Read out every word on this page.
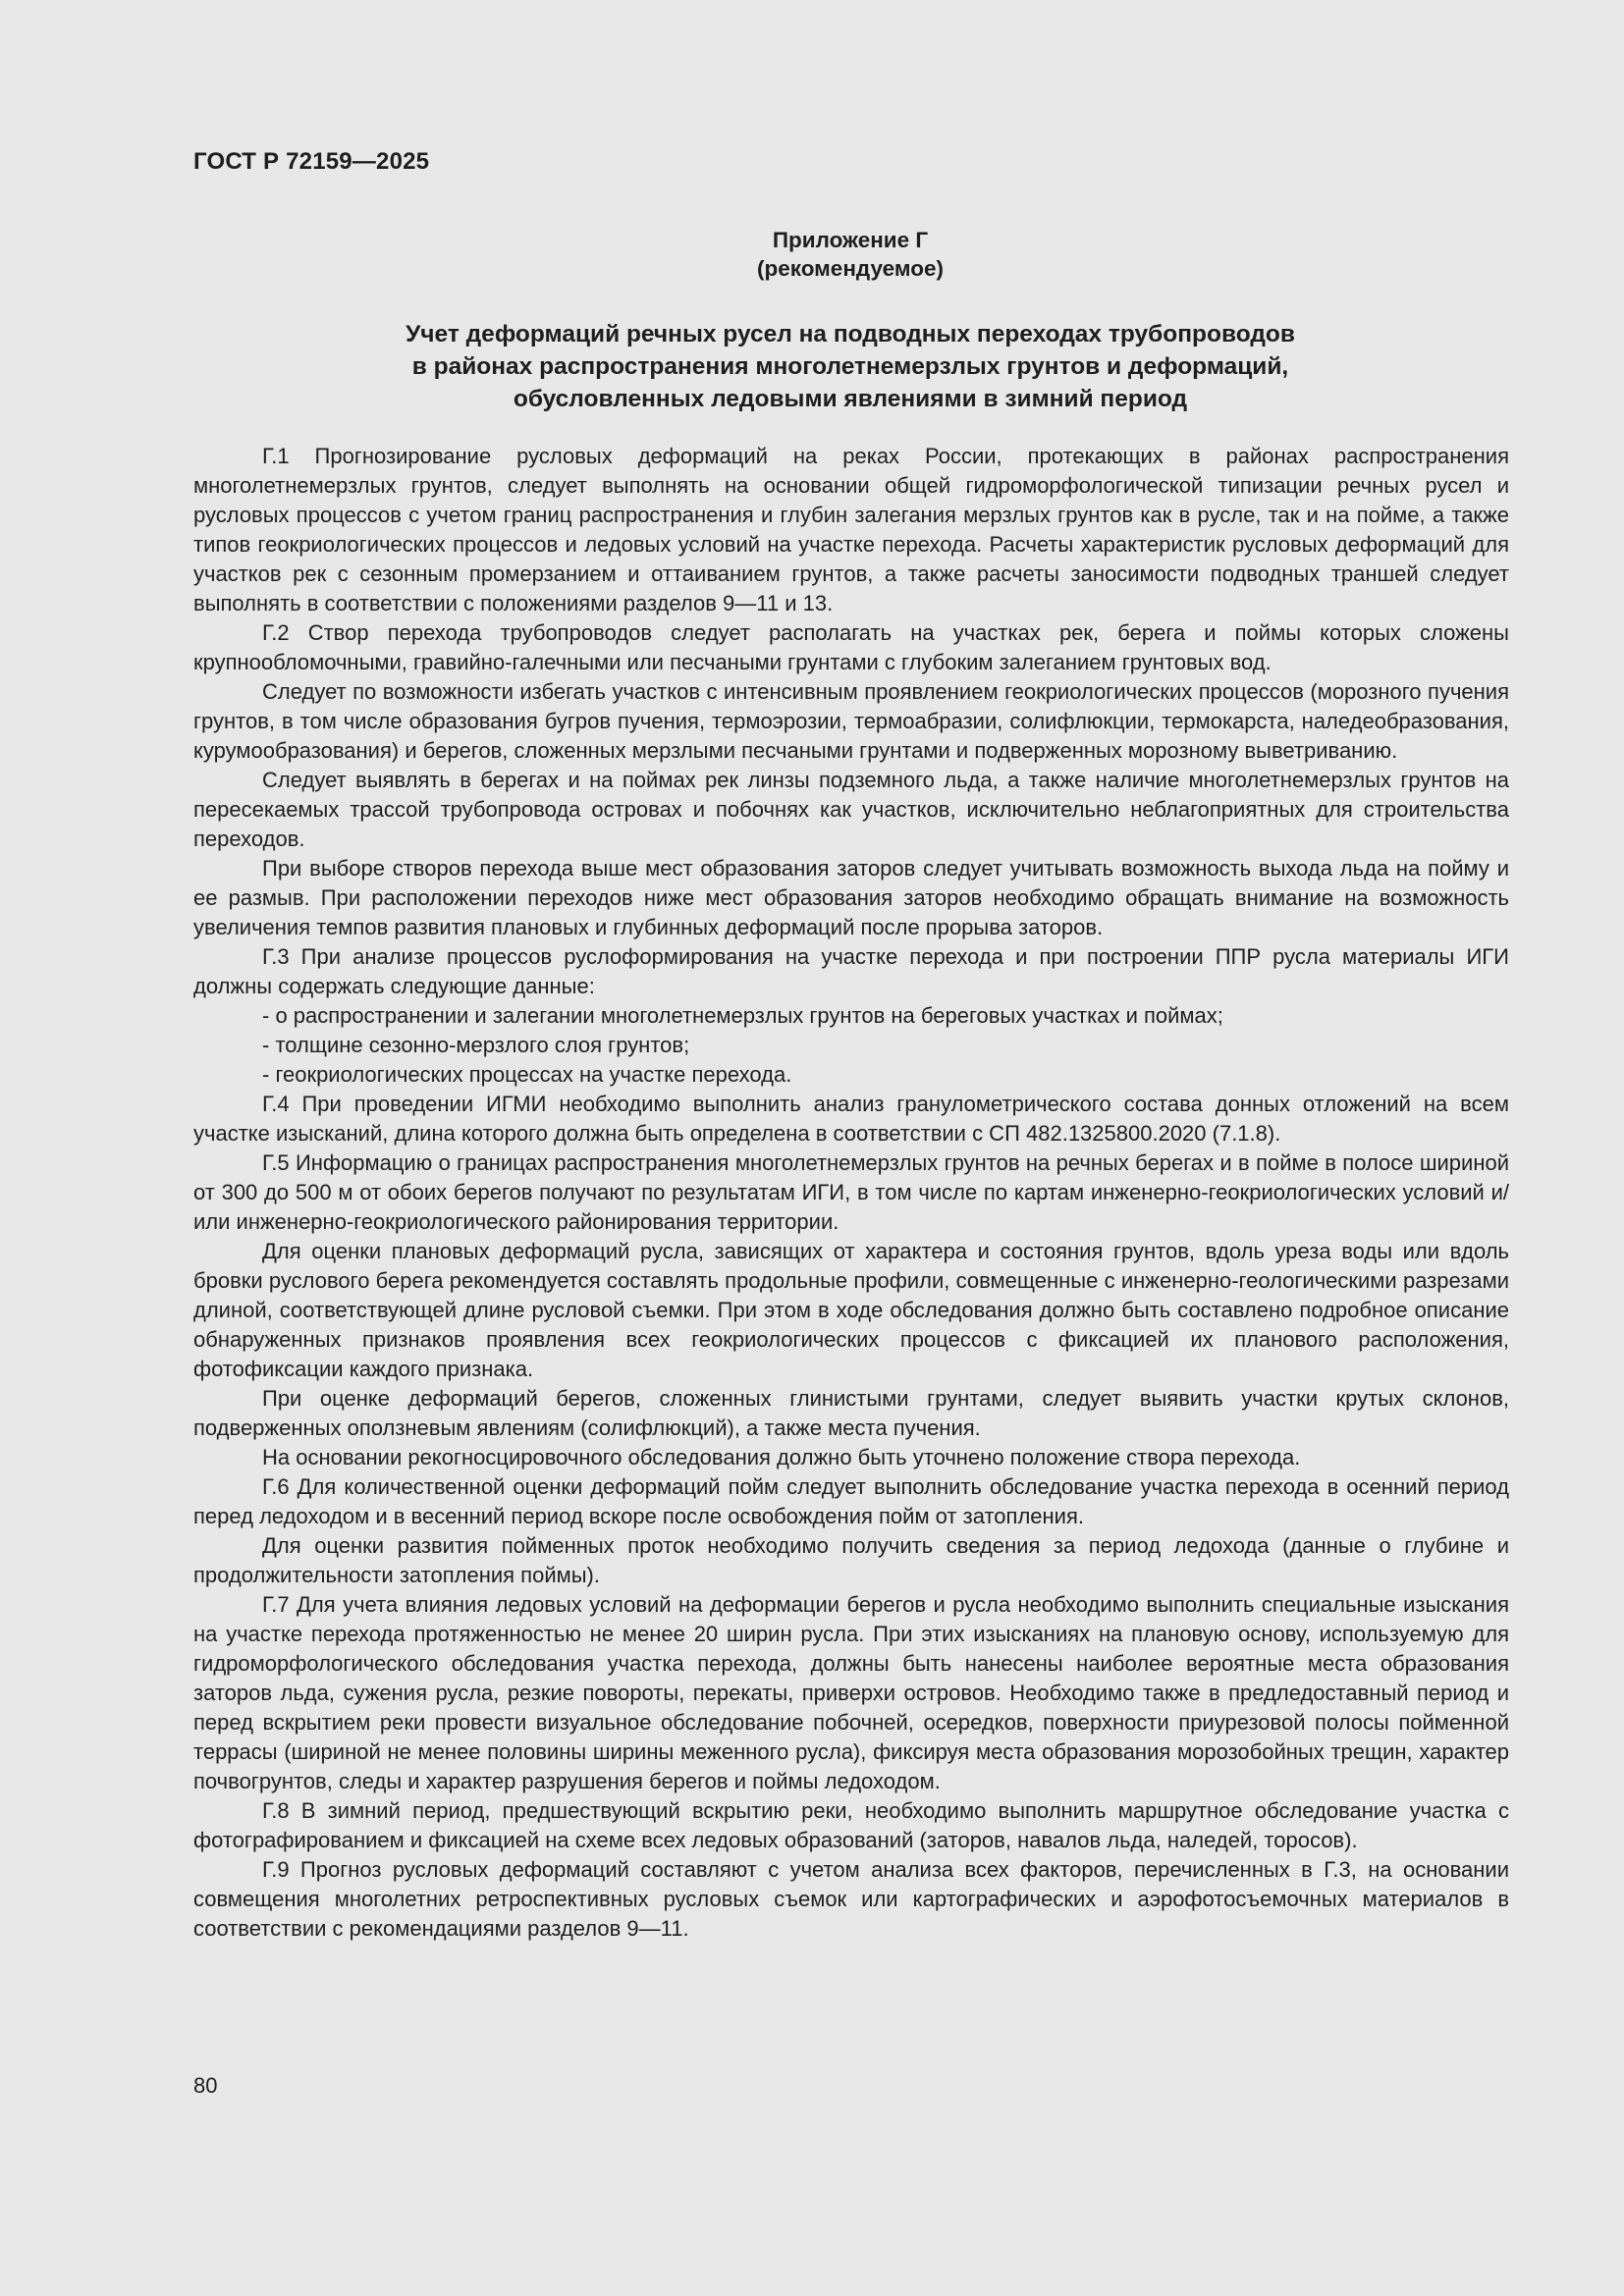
ГОСТ Р 72159—2025
Приложение Г
(рекомендуемое)
Учет деформаций речных русел на подводных переходах трубопроводов
в районах распространения многолетнемерзлых грунтов и деформаций,
обусловленных ледовыми явлениями в зимний период

Г.1 Прогнозирование русловых деформаций на реках России, протекающих в районах распространения многолетнемерзлых грунтов, следует выполнять на основании общей гидроморфологической типизации речных русел и русловых процессов с учетом границ распространения и глубин залегания мерзлых грунтов как в русле, так и на пойме, а также типов геокриологических процессов и ледовых условий на участке перехода. Расчеты характеристик русловых деформаций для участков рек с сезонным промерзанием и оттаиванием грунтов, а также расчеты заносимости подводных траншей следует выполнять в соответствии с положениями разделов 9—11 и 13.

Г.2 Створ перехода трубопроводов следует располагать на участках рек, берега и поймы которых сложены крупнообломочными, гравийно-галечными или песчаными грунтами с глубоким залеганием грунтовых вод.

Следует по возможности избегать участков с интенсивным проявлением геокриологических процессов (морозного пучения грунтов, в том числе образования бугров пучения, термоэрозии, термоабразии, солифлюкции, термокарста, наледеобразования, курумообразования) и берегов, сложенных мерзлыми песчаными грунтами и подверженных морозному выветриванию.

Следует выявлять в берегах и на поймах рек линзы подземного льда, а также наличие многолетнемерзлых грунтов на пересекаемых трассой трубопровода островах и побочнях как участков, исключительно неблагоприятных для строительства переходов.

При выборе створов перехода выше мест образования заторов следует учитывать возможность выхода льда на пойму и ее размыв. При расположении переходов ниже мест образования заторов необходимо обращать внимание на возможность увеличения темпов развития плановых и глубинных деформаций после прорыва заторов.

Г.3 При анализе процессов руслоформирования на участке перехода и при построении ППР русла материалы ИГИ должны содержать следующие данные:

- о распространении и залегании многолетнемерзлых грунтов на береговых участках и поймах;

- толщине сезонно-мерзлого слоя грунтов;

- геокриологических процессах на участке перехода.

Г.4 При проведении ИГМИ необходимо выполнить анализ гранулометрического состава донных отложений на всем участке изысканий, длина которого должна быть определена в соответствии с СП 482.1325800.2020 (7.1.8).

Г.5 Информацию о границах распространения многолетнемерзлых грунтов на речных берегах и в пойме в полосе шириной от 300 до 500 м от обоих берегов получают по результатам ИГИ, в том числе по картам инженерно-геокриологических условий и/или инженерно-геокриологического районирования территории.

Для оценки плановых деформаций русла, зависящих от характера и состояния грунтов, вдоль уреза воды или вдоль бровки руслового берега рекомендуется составлять продольные профили, совмещенные с инженерно-геологическими разрезами длиной, соответствующей длине русловой съемки. При этом в ходе обследования должно быть составлено подробное описание обнаруженных признаков проявления всех геокриологических процессов с фиксацией их планового расположения, фотофиксации каждого признака.

При оценке деформаций берегов, сложенных глинистыми грунтами, следует выявить участки крутых склонов, подверженных оползневым явлениям (солифлюкций), а также места пучения.

На основании рекогносцировочного обследования должно быть уточнено положение створа перехода.

Г.6 Для количественной оценки деформаций пойм следует выполнить обследование участка перехода в осенний период перед ледоходом и в весенний период вскоре после освобождения пойм от затопления.

Для оценки развития пойменных проток необходимо получить сведения за период ледохода (данные о глубине и продолжительности затопления поймы).

Г.7 Для учета влияния ледовых условий на деформации берегов и русла необходимо выполнить специальные изыскания на участке перехода протяженностью не менее 20 ширин русла. При этих изысканиях на плановую основу, используемую для гидроморфологического обследования участка перехода, должны быть нанесены наиболее вероятные места образования заторов льда, сужения русла, резкие повороты, перекаты, приверхи островов. Необходимо также в предледоставный период и перед вскрытием реки провести визуальное обследование побочней, осередков, поверхности приурезовой полосы пойменной террасы (шириной не менее половины ширины меженного русла), фиксируя места образования морозобойных трещин, характер почвогрунтов, следы и характер разрушения берегов и поймы ледоходом.

Г.8 В зимний период, предшествующий вскрытию реки, необходимо выполнить маршрутное обследование участка с фотографированием и фиксацией на схеме всех ледовых образований (заторов, навалов льда, наледей, торосов).

Г.9 Прогноз русловых деформаций составляют с учетом анализа всех факторов, перечисленных в Г.3, на основании совмещения многолетних ретроспективных русловых съемок или картографических и аэрофотосъемочных материалов в соответствии с рекомендациями разделов 9—11.

80
